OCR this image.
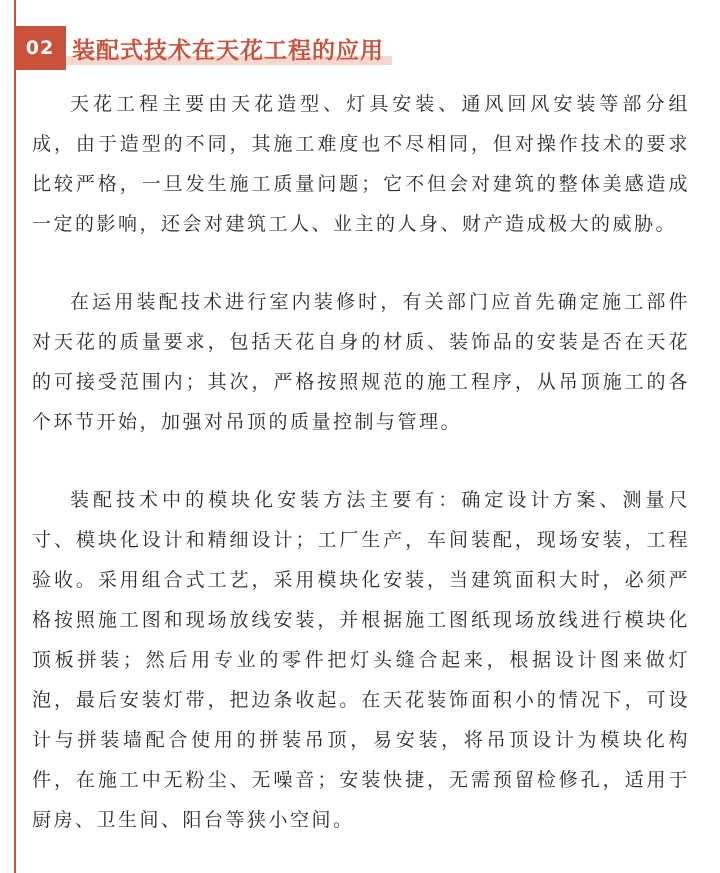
02 装配式技术在天花工程的应用

天花工程主要由天花造型、灯具安装、通风回风安装等部分组成，由于造型的不同，其施工难度也不尽相同，但对操作技术的要求比较严格，一旦发生施工质量问题；它不但会对建筑的整体美感造成一定的影响，还会对建筑工人、业主的人身、财产造成极大的威胁。

在运用装配技术进行室内装修时，有关部门应首先确定施工部件对天花的质量要求，包括天花自身的材质、装饰品的安装是否在天花的可接受范围内；其次，严格按照规范的施工程序，从吊顶施工的各个环节开始，加强对吊顶的质量控制与管理。

装配技术中的模块化安装方法主要有：确定设计方案、测量尺寸、模块化设计和精细设计；工厂生产，车间装配，现场安装，工程验收。采用组合式工艺，采用模块化安装，当建筑面积大时，必须严格按照施工图和现场放线安装，并根据施工图纸现场放线进行模块化顶板拼装；然后用专业的零件把灯头缝合起来，根据设计图来做灯泡，最后安装灯带，把边条收起。在天花装饰面积小的情况下，可设计与拼装墙配合使用的拼装吊顶，易安装，将吊顶设计为模块化构件，在施工中无粉尘、无噪音；安装快捷，无需预留检修孔，适用于厨房、卫生间、阳台等狭小空间。
